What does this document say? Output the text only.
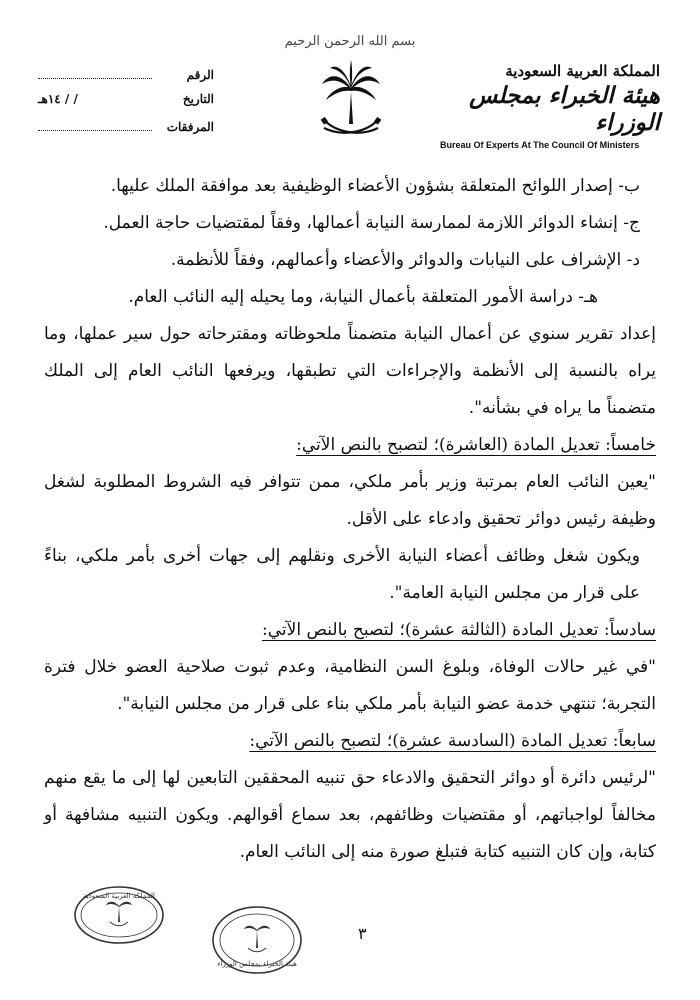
بسم الله الرحمن الرحيم
الرقم
التاريخ
/ / ١٤هـ
المرفقات
المملكة العربية السعودية
هيئة الخبراء بمجلس الوزراء
Bureau Of Experts At The Council Of Ministers

ب- إصدار اللوائح المتعلقة بشؤون الأعضاء الوظيفية بعد موافقة الملك عليها.

ج- إنشاء الدوائر اللازمة لممارسة النيابة أعمالها، وفقاً لمقتضيات حاجة العمل.

د- الإشراف على النيابات والدوائر والأعضاء وأعمالهم، وفقاً للأنظمة.

هـ- دراسة الأمور المتعلقة بأعمال النيابة، وما يحيله إليه النائب العام.

إعداد تقرير سنوي عن أعمال النيابة متضمناً ملحوظاته ومقترحاته حول سير عملها، وما يراه بالنسبة إلى الأنظمة والإجراءات التي تطبقها، ويرفعها النائب العام إلى الملك متضمناً ما يراه في بشأنه".

خامساً: تعديل المادة (العاشرة)؛ لتصبح بالنص الآتي:

"يعين النائب العام بمرتبة وزير بأمر ملكي، ممن تتوافر فيه الشروط المطلوبة لشغل وظيفة رئيس دوائر تحقيق وادعاء على الأقل.

ويكون شغل وظائف أعضاء النيابة الأخرى ونقلهم إلى جهات أخرى بأمر ملكي، بناءً على قرار من مجلس النيابة العامة".

سادساً: تعديل المادة (الثالثة عشرة)؛ لتصبح بالنص الآتي:

"في غير حالات الوفاة، وبلوغ السن النظامية، وعدم ثبوت صلاحية العضو خلال فترة التجربة؛ تنتهي خدمة عضو النيابة بأمر ملكي بناء على قرار من مجلس النيابة".

سابعاً: تعديل المادة (السادسة عشرة)؛ لتصبح بالنص الآتي:

"لرئيس دائرة أو دوائر التحقيق والادعاء حق تنبيه المحققين التابعين لها إلى ما يقع منهم مخالفاً لواجباتهم، أو مقتضيات وظائفهم، بعد سماع أقوالهم. ويكون التنبيه مشافهة أو كتابة، وإن كان التنبيه كتابة فتبلغ صورة منه إلى النائب العام.

٣
المملكة العربية السعودية
هيئة الخبراء بمجلس الوزراء
